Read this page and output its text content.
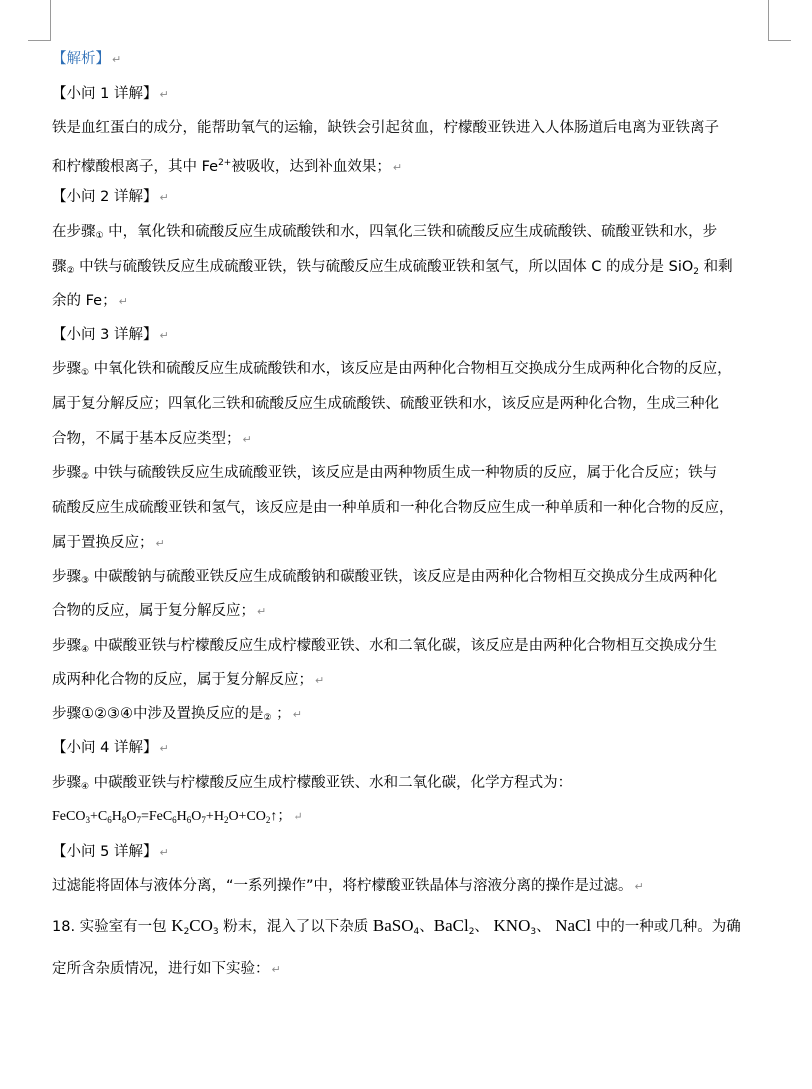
【解析】 ↵
【小问 1 详解】 ↵
铁是血红蛋白的成分，能帮助氧气的运输，缺铁会引起贫血，柠檬酸亚铁进入人体肠道后电离为亚铁离子
和柠檬酸根离子，其中 $Fe^{2+}$被吸收，达到补血效果； ↵
【小问 2 详解】 ↵
在步骤① 中，氧化铁和硫酸反应生成硫酸铁和水，四氧化三铁和硫酸反应生成硫酸铁、硫酸亚铁和水，步
骤② 中铁与硫酸铁反应生成硫酸亚铁，铁与硫酸反应生成硫酸亚铁和氢气，所以固体 C 的成分是 SiO$_2$ 和剩
余的 Fe； ↵
【小问 3 详解】 ↵
步骤① 中氧化铁和硫酸反应生成硫酸铁和水，该反应是由两种化合物相互交换成分生成两种化合物的反应，
属于复分解反应；四氧化三铁和硫酸反应生成硫酸铁、硫酸亚铁和水，该反应是两种化合物，生成三种化
合物，不属于基本反应类型； ↵
步骤② 中铁与硫酸铁反应生成硫酸亚铁，该反应是由两种物质生成一种物质的反应，属于化合反应；铁与
硫酸反应生成硫酸亚铁和氢气，该反应是由一种单质和一种化合物反应生成一种单质和一种化合物的反应，
属于置换反应； ↵
步骤③ 中碳酸钠与硫酸亚铁反应生成硫酸钠和碳酸亚铁，该反应是由两种化合物相互交换成分生成两种化
合物的反应，属于复分解反应； ↵
步骤④ 中碳酸亚铁与柠檬酸反应生成柠檬酸亚铁、水和二氧化碳，该反应是由两种化合物相互交换成分生
成两种化合物的反应，属于复分解反应； ↵
步骤①②③④中涉及置换反应的是② ； ↵
【小问 4 详解】 ↵
步骤④ 中碳酸亚铁与柠檬酸反应生成柠檬酸亚铁、水和二氧化碳，化学方程式为：
$FeCO_3+C_6H_8O_7=FeC_6H_6O_7+H_2O+CO_2↑$； ↵
【小问 5 详解】 ↵
过滤能将固体与液体分离，“一系列操作”中，将柠檬酸亚铁晶体与溶液分离的操作是过滤。 ↵
18. 实验室有一包 $K_2CO_3$ 粉末，混入了以下杂质 BaSO$_4$、BaCl$_2$、 $KNO_3$、 NaCl 中的一种或几种。为确
定所含杂质情况，进行如下实验： ↵
